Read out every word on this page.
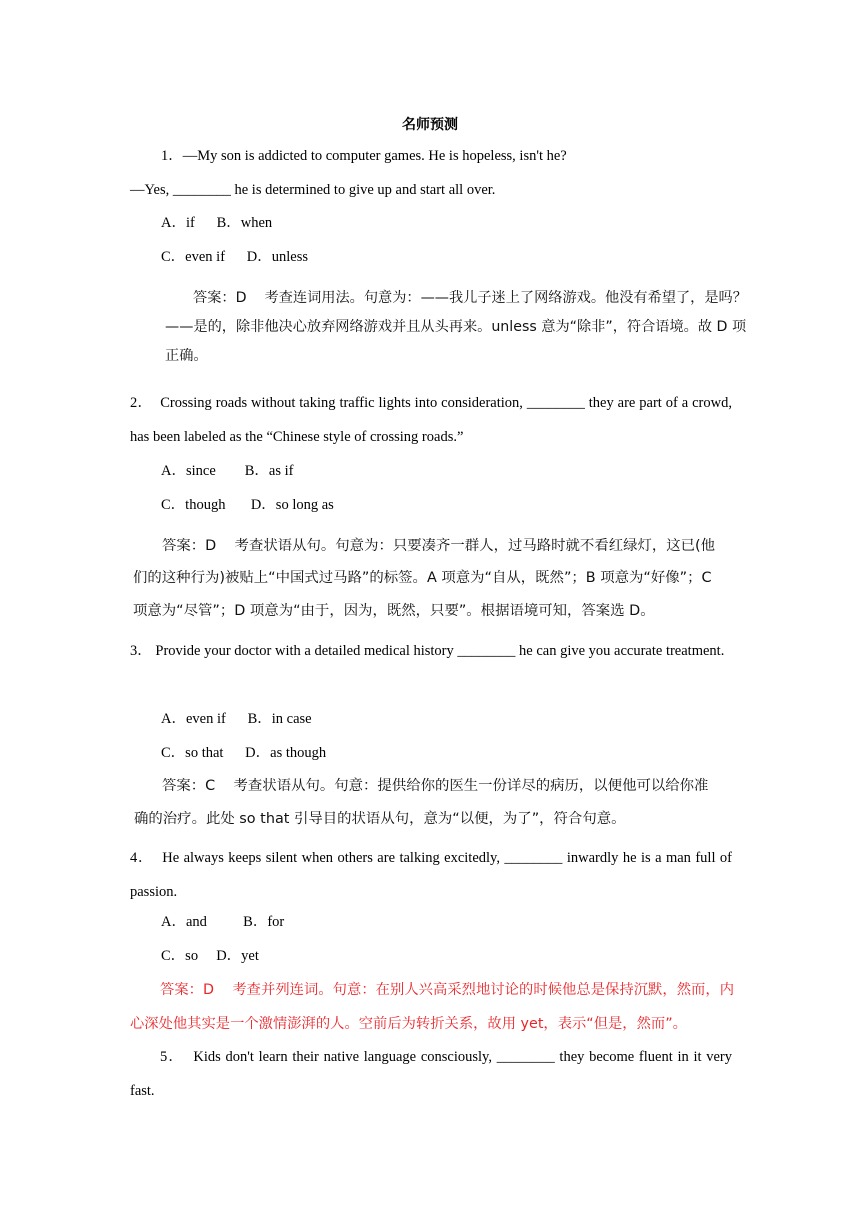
名师预测
1．—My son is addicted to computer games. He is hopeless, isn't he?
—Yes, ________ he is determined to give up and start all over.
A．if      B．when
C．even if      D．unless
答案：D    考查连词用法。句意为：——我儿子迷上了网络游戏。他没有希望了，是吗？
——是的，除非他决心放弃网络游戏并且从头再来。unless 意为“除非”，符合语境。故 D 项
正确。
2．  Crossing roads without taking traffic lights into consideration, ________ they are part of a crowd, has been labeled as the “Chinese style of crossing roads.”
A．since        B．as if
C．though       D．so long as
答案：D    考查状语从句。句意为：只要凑齐一群人，过马路时就不看红绿灯，这已(他
们的这种行为)被贴上“中国式过马路”的标签。A 项意为“自从，既然”；B 项意为“好像”；C
项意为“尽管”；D 项意为“由于，因为，既然，只要”。根据语境可知，答案选 D。
3． Provide your doctor with a detailed medical history ________ he can give you accurate treatment.
A．even if      B．in case
C．so that      D．as though
答案：C    考查状语从句。句意：提供给你的医生一份详尽的病历，以便他可以给你准
确的治疗。此处 so that 引导目的状语从句，意为“以便，为了”，符合句意。
4．  He always keeps silent when others are talking excitedly, ________ inwardly he is a man full of passion.
A．and          B．for
C．so     D．yet
答案：D    考查并列连词。句意：在别人兴高采烈地讨论的时候他总是保持沉默，然而，内心深处他其实是一个激情澎湃的人。空前后为转折关系，故用 yet，表示“但是，然而”。
5．  Kids don't learn their native language consciously, ________ they become fluent in it very fast.
